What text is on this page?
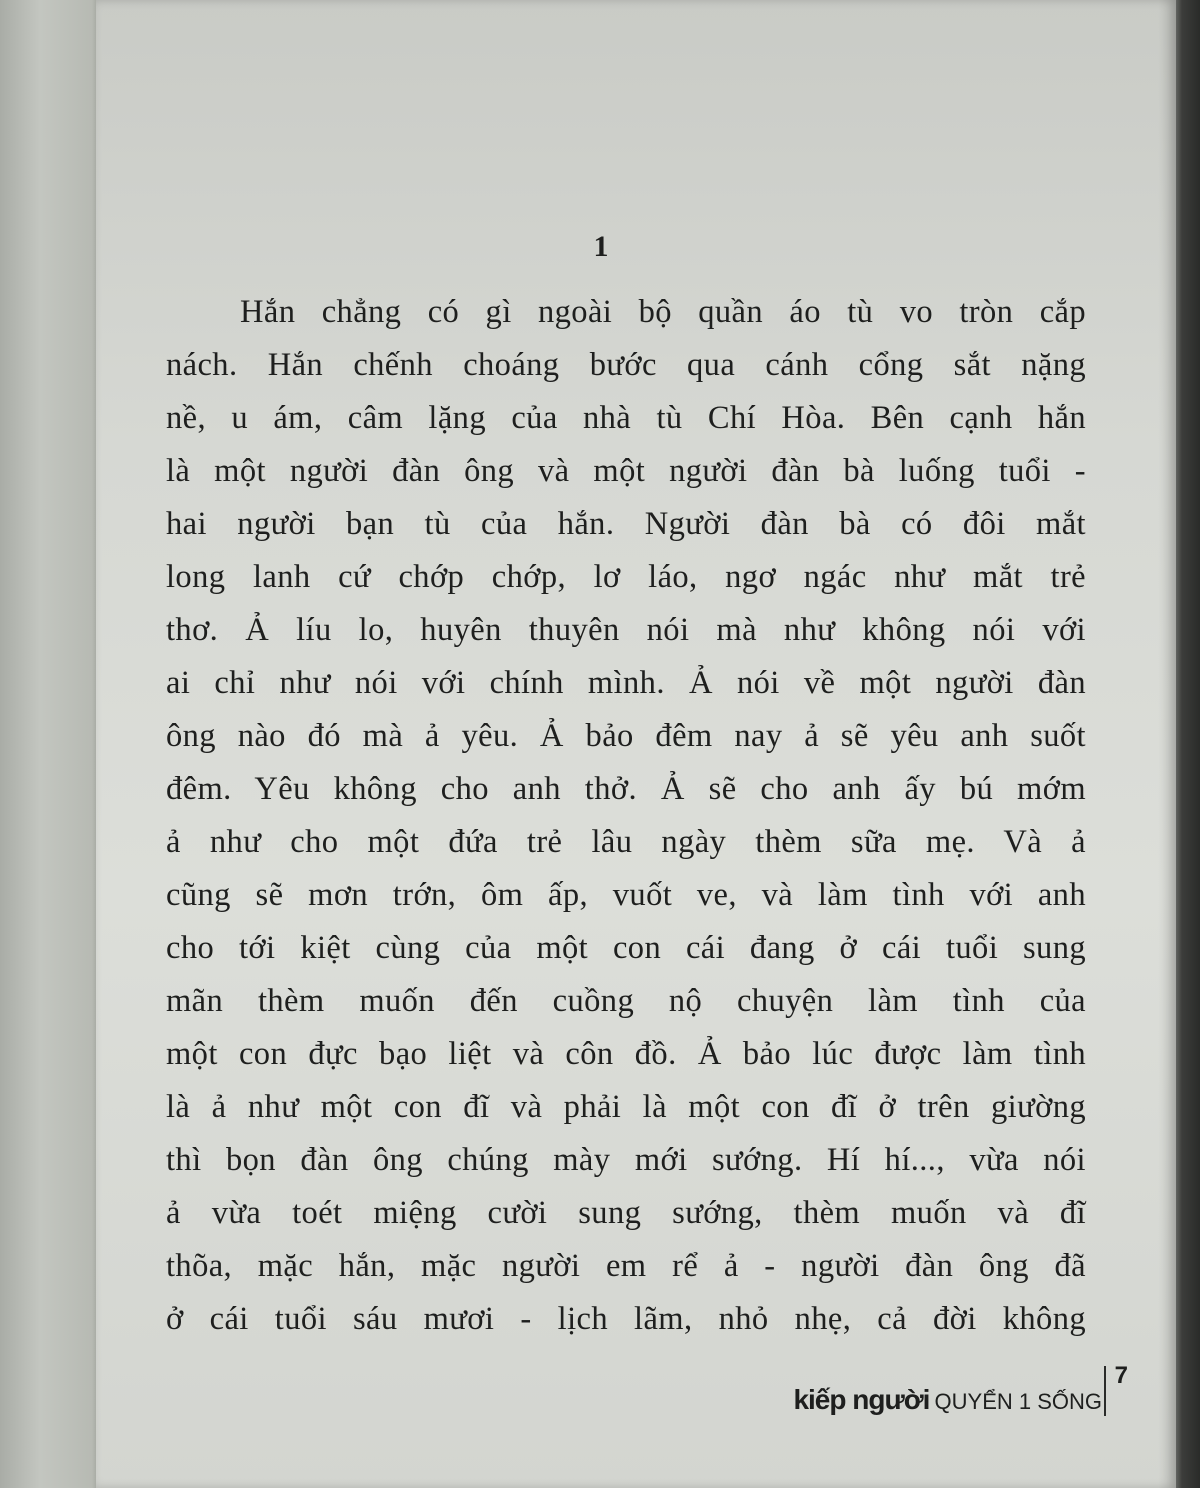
1

Hắn chẳng có gì ngoài bộ quần áo tù vo tròn cắp
nách. Hắn chếnh choáng bước qua cánh cổng sắt nặng
nề, u ám, câm lặng của nhà tù Chí Hòa. Bên cạnh hắn
là một người đàn ông và một người đàn bà luống tuổi -
hai người bạn tù của hắn. Người đàn bà có đôi mắt
long lanh cứ chớp chớp, lơ láo, ngơ ngác như mắt trẻ
thơ. Ả líu lo, huyên thuyên nói mà như không nói với
ai chỉ như nói với chính mình. Ả nói về một người đàn
ông nào đó mà ả yêu. Ả bảo đêm nay ả sẽ yêu anh suốt
đêm. Yêu không cho anh thở. Ả sẽ cho anh ấy bú mớm
ả như cho một đứa trẻ lâu ngày thèm sữa mẹ. Và ả
cũng sẽ mơn trớn, ôm ấp, vuốt ve, và làm tình với anh
cho tới kiệt cùng của một con cái đang ở cái tuổi sung
mãn thèm muốn đến cuồng nộ chuyện làm tình của
một con đực bạo liệt và côn đồ. Ả bảo lúc được làm tình
là ả như một con đĩ và phải là một con đĩ ở trên giường
thì bọn đàn ông chúng mày mới sướng. Hí hí..., vừa nói
ả vừa toét miệng cười sung sướng, thèm muốn và đĩ
thõa, mặc hắn, mặc người em rể ả - người đàn ông đã
ở cái tuổi sáu mươi - lịch lãm, nhỏ nhẹ, cả đời không

kiếp người QUYỂN 1 SỐNG
7
